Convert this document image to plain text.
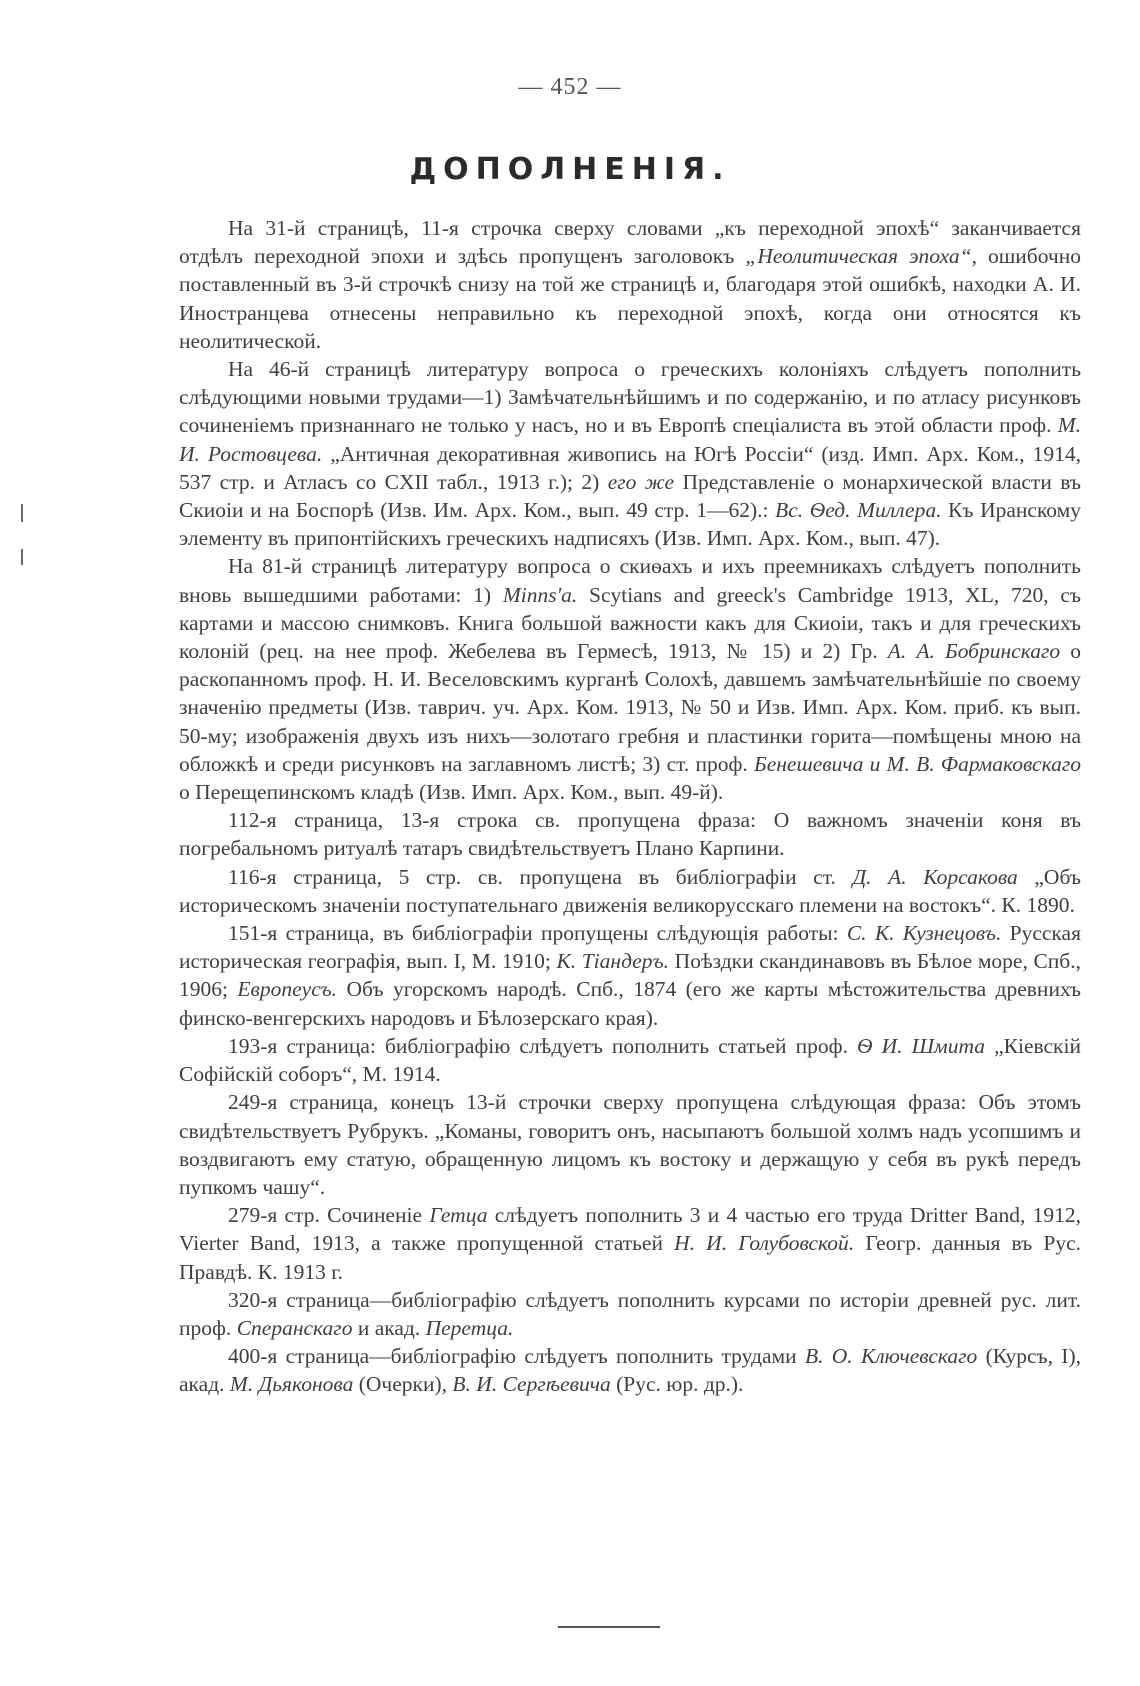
— 452 —
ДОПОЛНЕНІЯ.

На 31-й страницѣ, 11-я строчка сверху словами „къ переходной эпохѣ“ заканчивается отдѣлъ переходной эпохи и здѣсь пропущенъ заголовокъ „Неолитическая эпоха“, ошибочно поставленный въ 3-й строчкѣ снизу на той же страницѣ и, благодаря этой ошибкѣ, находки А. И. Иностранцева отнесены неправильно къ переходной эпохѣ, когда они относятся къ неолитической.

На 46-й страницѣ литературу вопроса о греческихъ колоніяхъ слѣдуетъ пополнить слѣдующими новыми трудами—1) Замѣчательнѣйшимъ и по содержанію, и по атласу рисунковъ сочиненіемъ признаннаго не только у насъ, но и въ Европѣ спеціалиста въ этой области проф. М. И. Ростовцева. „Античная декоративная живопись на Югѣ Россіи“ (изд. Имп. Арх. Ком., 1914, 537 стр. и Атласъ со CXII табл., 1913 г.); 2) его же Представленіе о монархической власти въ Скиоіи и на Боспорѣ (Изв. Им. Арх. Ком., вып. 49 стр. 1—62).: Вс. Ѳед. Миллера. Къ Иранскому элементу въ припонтійскихъ греческихъ надписяхъ (Изв. Имп. Арх. Ком., вып. 47).

На 81-й страницѣ литературу вопроса о скиѳахъ и ихъ преемникахъ слѣдуетъ пополнить вновь вышедшими работами: 1) Minns'a. Scytians and greeck's Cambridge 1913, XL, 720, съ картами и массою снимковъ. Книга большой важности какъ для Скиоіи, такъ и для греческихъ колоній (рец. на нее проф. Жебелева въ Гермесѣ, 1913, № 15) и 2) Гр. А. А. Бобринскаго о раскопанномъ проф. Н. И. Веселовскимъ курганѣ Солохѣ, давшемъ замѣчательнѣйшіе по своему значенію предметы (Изв. таврич. уч. Арх. Ком. 1913, № 50 и Изв. Имп. Арх. Ком. приб. къ вып. 50-му; изображенія двухъ изъ нихъ—золотаго гребня и пластинки горита—помѣщены мною на обложкѣ и среди рисунковъ на заглавномъ листѣ; 3) ст. проф. Бенешевича и М. В. Фармаковскаго о Перещепинскомъ кладѣ (Изв. Имп. Арх. Ком., вып. 49-й).

112-я страница, 13-я строка св. пропущена фраза: О важномъ значеніи коня въ погребальномъ ритуалѣ татаръ свидѣтельствуетъ Плано Карпини.

116-я страница, 5 стр. св. пропущена въ библіографіи ст. Д. А. Корсакова „Объ историческомъ значеніи поступательнаго движенія великорусскаго племени на востокъ“. К. 1890.

151-я страница, въ библіографіи пропущены слѣдующія работы: С. К. Кузнецовъ. Русская историческая географія, вып. I, М. 1910; К. Тіандеръ. Поѣздки скандинавовъ въ Бѣлое море, Спб., 1906; Европеусъ. Объ угорскомъ народѣ. Спб., 1874 (его же карты мѣстожительства древнихъ финско-венгерскихъ народовъ и Бѣлозерскаго края).

193-я страница: библіографію слѣдуетъ пополнить статьей проф. Ѳ И. Шмита „Кіевскій Софійскій соборъ“, М. 1914.

249-я страница, конецъ 13-й строчки сверху пропущена слѣдующая фраза: Объ этомъ свидѣтельствуетъ Рубрукъ. „Команы, говоритъ онъ, насыпаютъ большой холмъ надъ усопшимъ и воздвигаютъ ему статую, обращенную лицомъ къ востоку и держащую у себя въ рукѣ передъ пупкомъ чашу“.

279-я стр. Сочиненіе Гетца слѣдуетъ пополнить 3 и 4 частью его труда Dritter Band, 1912, Vierter Band, 1913, а также пропущенной статьей Н. И. Голубовской. Геогр. данныя въ Рус. Правдѣ. К. 1913 г.

320-я страница—библіографію слѣдуетъ пополнить курсами по исторіи древней рус. лит. проф. Сперанскаго и акад. Перетца.

400-я страница—библіографію слѣдуетъ пополнить трудами В. О. Ключевскаго (Курсъ, I), акад. М. Дьяконова (Очерки), В. И. Сергѣевича (Рус. юр. др.).
